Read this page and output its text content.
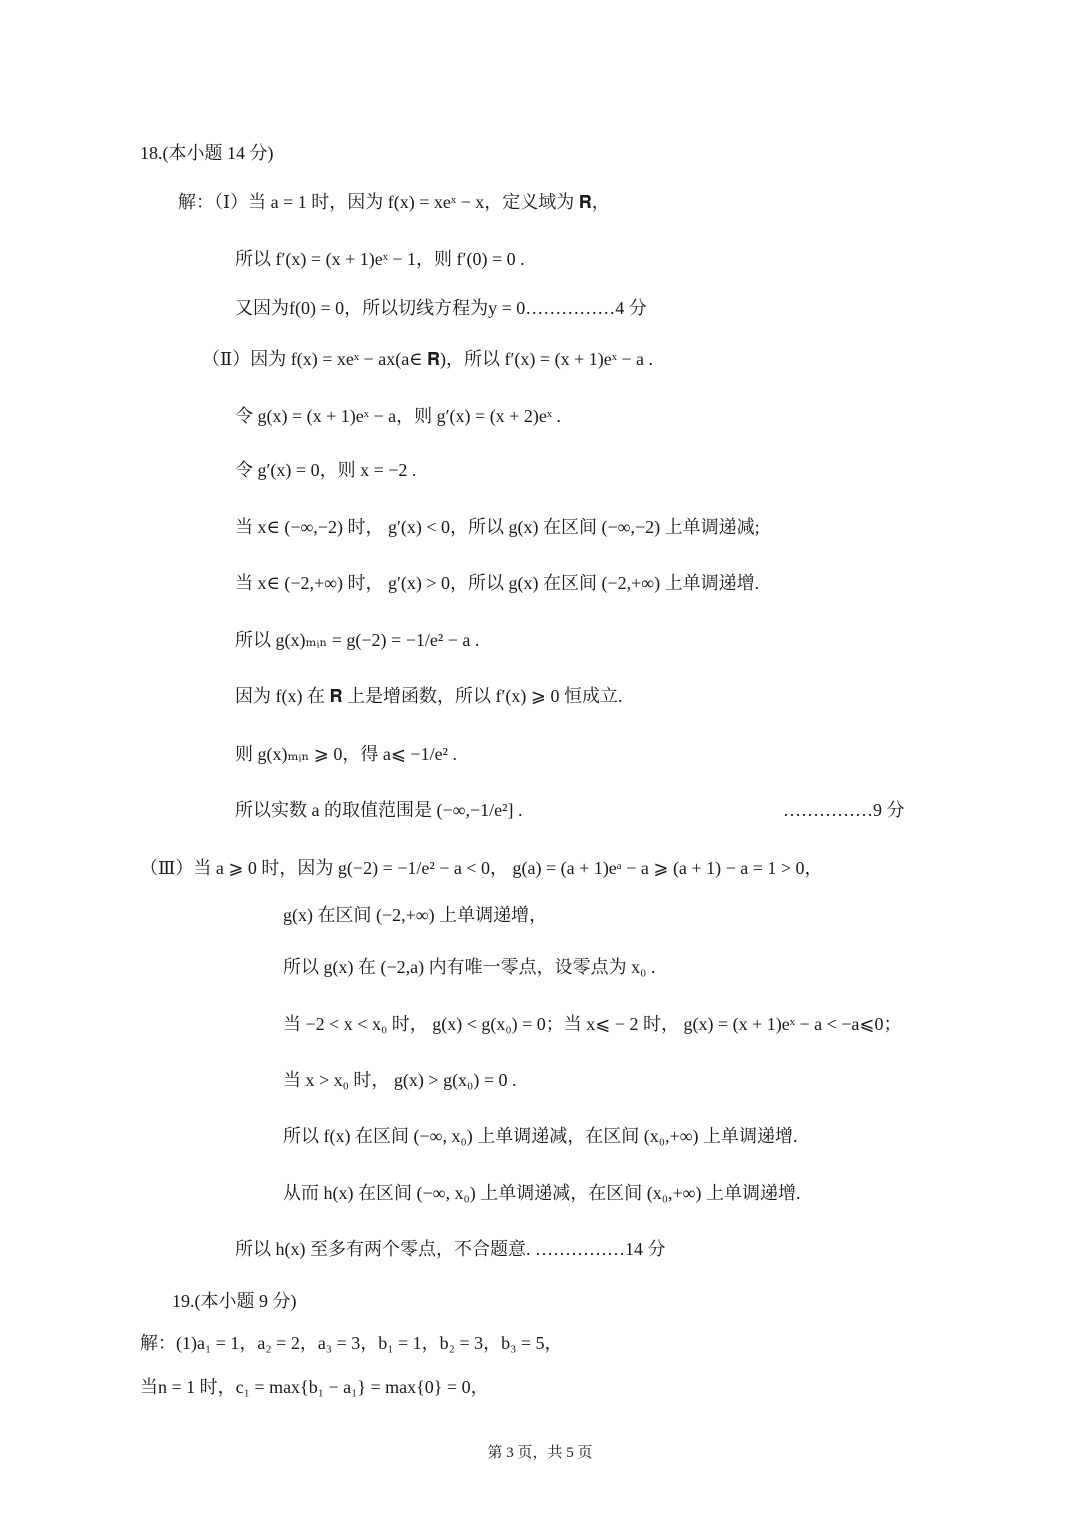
18.(本小题 14 分)
解：（Ⅰ）当 a = 1 时，因为 f(x) = xeˣ − x，定义域为 𝐑，
所以 f′(x) = (x + 1)eˣ − 1，则 f′(0) = 0 .
又因为f(0) = 0，所以切线方程为y = 0……………4 分
（Ⅱ）因为 f(x) = xeˣ − ax(a∈ 𝐑)，所以 f′(x) = (x + 1)eˣ − a .
令 g(x) = (x + 1)eˣ − a，则 g′(x) = (x + 2)eˣ .
令 g′(x) = 0，则 x = −2 .
当 x∈ (−∞,−2) 时， g′(x) < 0，所以 g(x) 在区间 (−∞,−2) 上单调递减;
当 x∈ (−2,+∞) 时， g′(x) > 0，所以 g(x) 在区间 (−2,+∞) 上单调递增.
所以 g(x)ₘᵢₙ = g(−2) = −1/e² − a .
因为 f(x) 在 𝐑 上是增函数，所以 f′(x) ⩾ 0 恒成立.
则 g(x)ₘᵢₙ ⩾ 0，得 a⩽ −1/e² .
所以实数 a 的取值范围是 (−∞,−1/e²] .	……………9 分
（Ⅲ）当 a ⩾ 0 时，因为 g(−2) = −1/e² − a < 0， g(a) = (a + 1)eᵃ − a ⩾ (a + 1) − a = 1 > 0，
g(x) 在区间 (−2,+∞) 上单调递增，
所以 g(x) 在 (−2,a) 内有唯一零点，设零点为 x₀ .
当 −2 < x < x₀ 时， g(x) < g(x₀) = 0；当 x⩽ − 2 时， g(x) = (x + 1)eˣ − a < −a⩽0；
当 x > x₀ 时， g(x) > g(x₀) = 0 .
所以 f(x) 在区间 (−∞, x₀) 上单调递减，在区间 (x₀,+∞) 上单调递增.
从而 h(x) 在区间 (−∞, x₀) 上单调递减，在区间 (x₀,+∞) 上单调递增.
所以 h(x) 至多有两个零点，不合题意. ……………14 分
19.(本小题 9 分)
解：(1)a₁ = 1，a₂ = 2，a₃ = 3，b₁ = 1，b₂ = 3，b₃ = 5，
当n = 1 时，c₁ = max{b₁ − a₁} = max{0} = 0，
第 3 页，共 5 页
